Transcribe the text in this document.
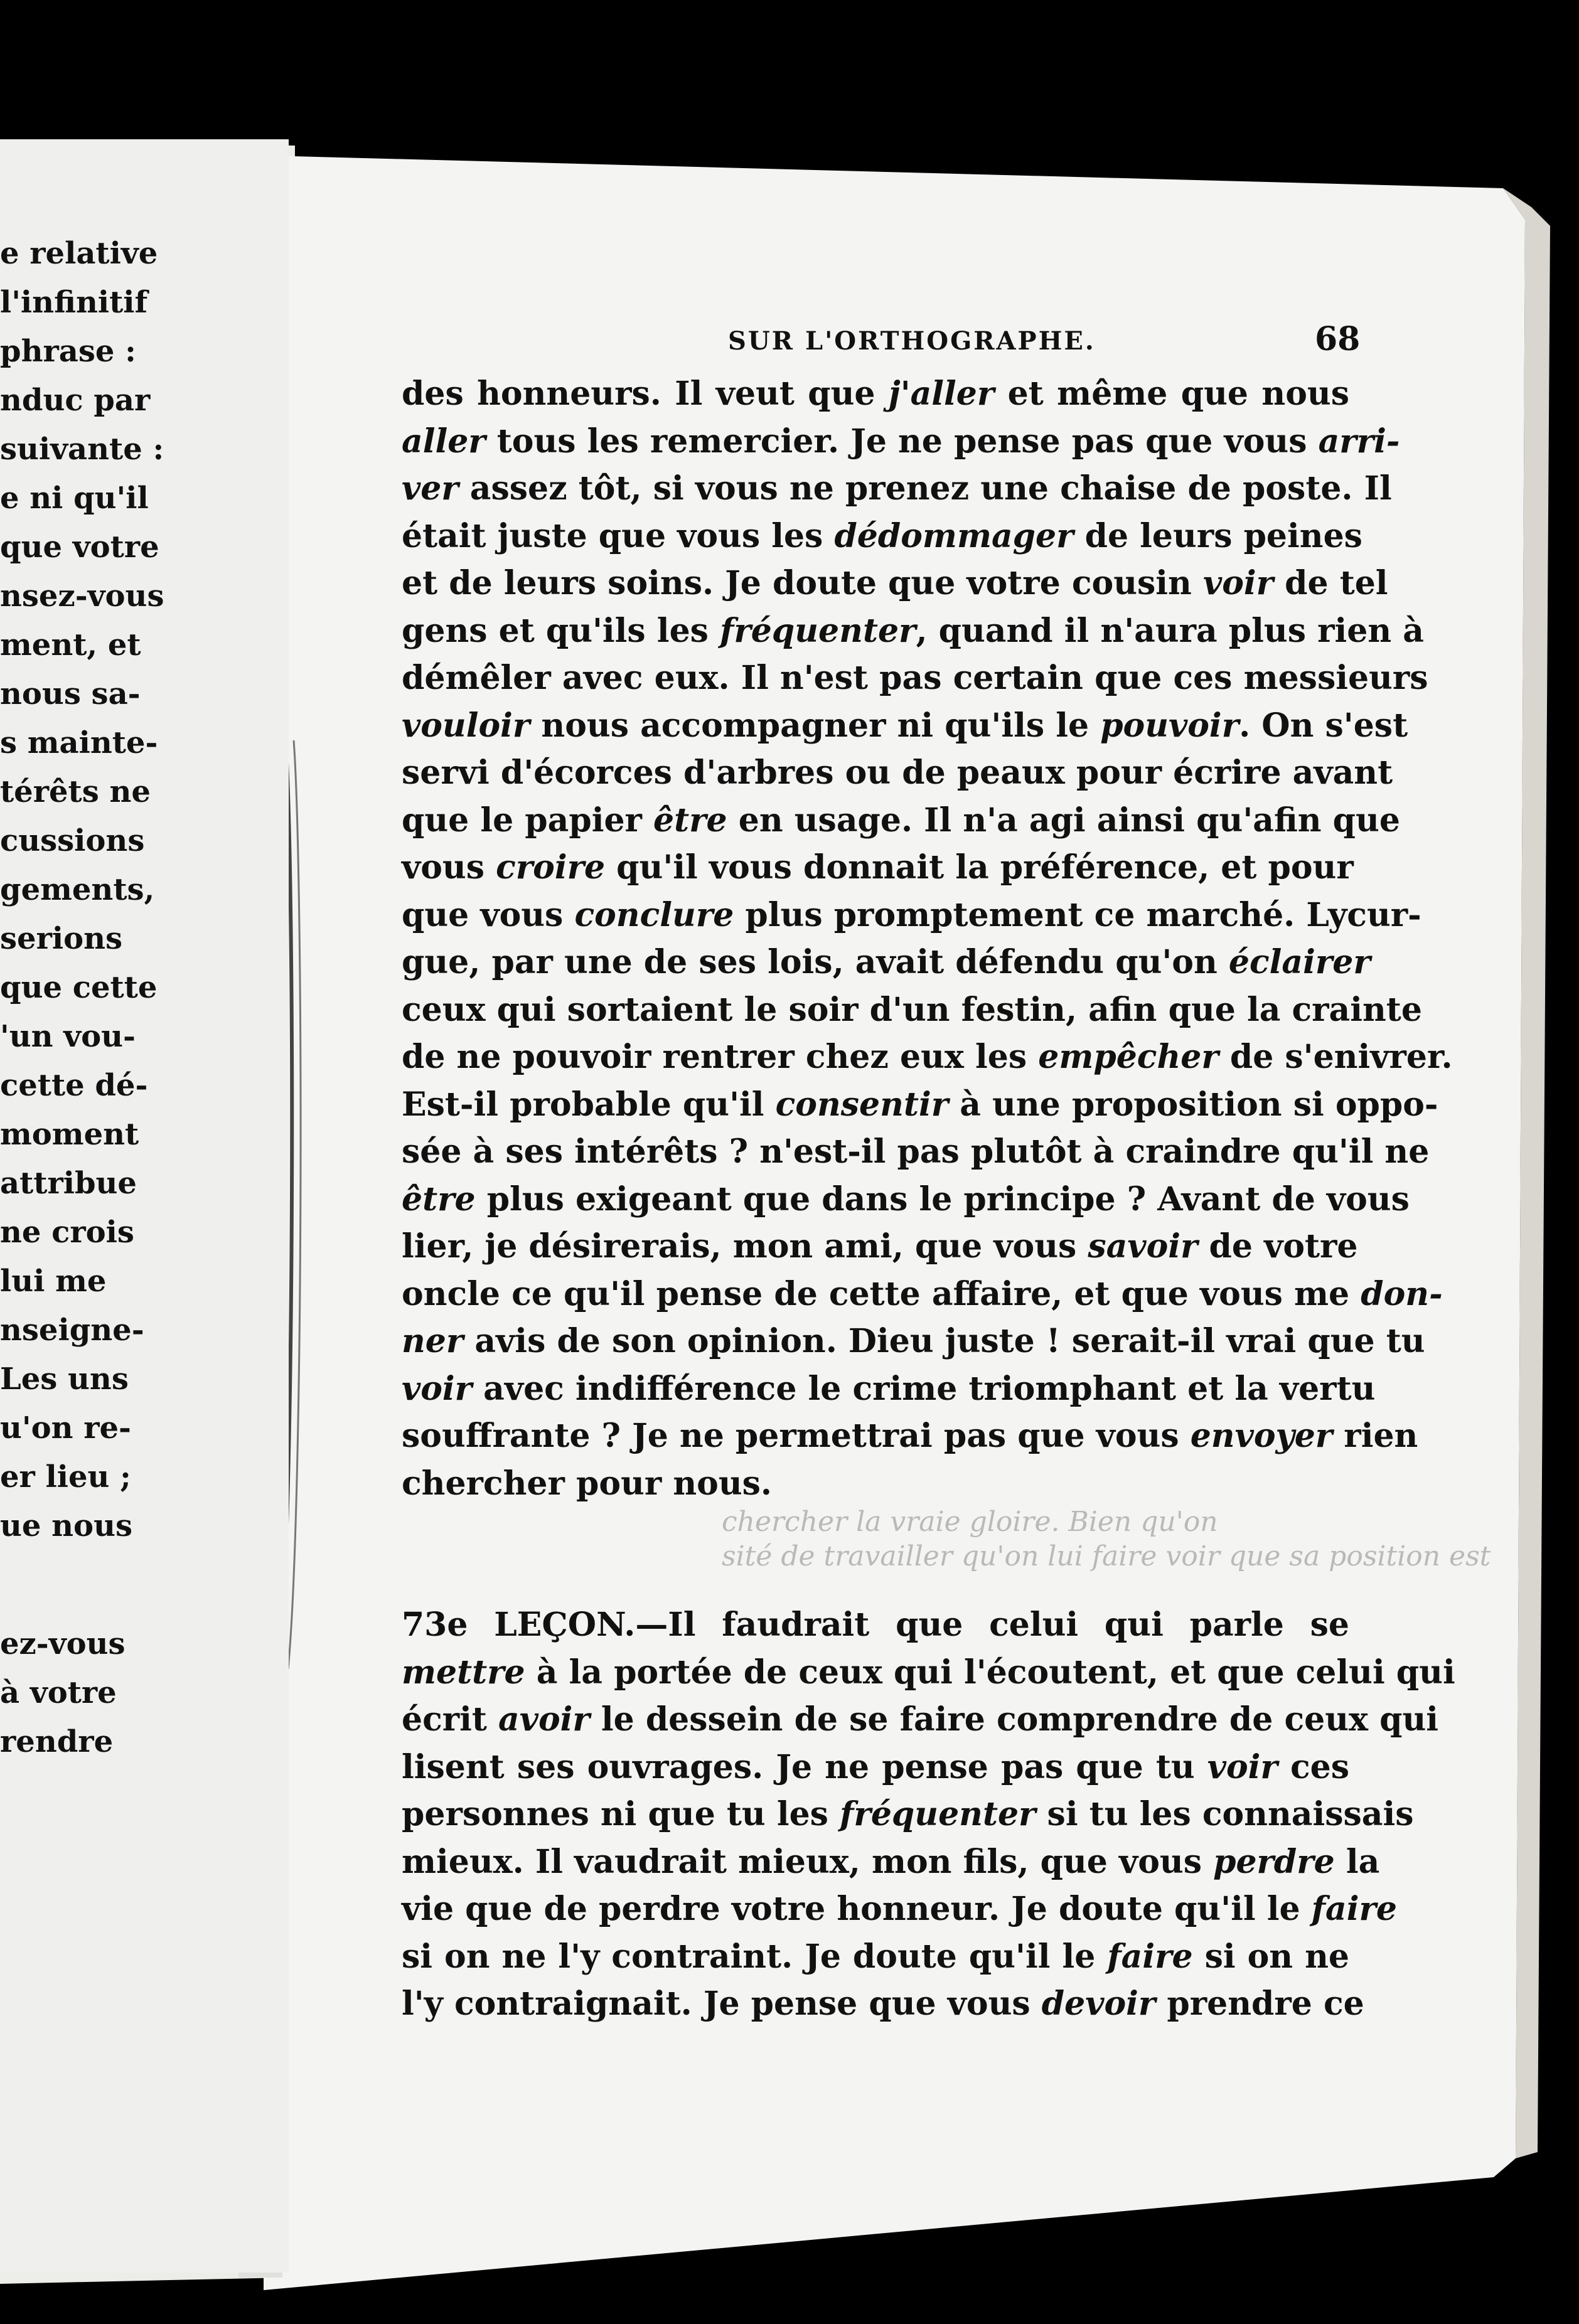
e relative
l'infinitif
phrase :
nduc par
suivante :
e ni qu'il
que votre
nsez-vous
ment, et
nous sa-
s mainte-
térêts ne
cussions
gements,
serions
que cette
'un vou-
cette dé-
moment
attribue
ne crois
lui me
nseigne-
Les uns
u'on re-
er lieu ;
ue nous
ez-vous
à votre
rendre
SUR L'ORTHOGRAPHE.	68
chercher la vraie gloire. Bien qu'on
sité de travailler qu'on lui faire voir que sa position est
des honneurs. Il veut que j'aller et même que nous
aller tous les remercier. Je ne pense pas que vous arri-
ver assez tôt, si vous ne prenez une chaise de poste. Il
était juste que vous les dédommager de leurs peines
et de leurs soins. Je doute que votre cousin voir de tel
gens et qu'ils les fréquenter, quand il n'aura plus rien à
démêler avec eux. Il n'est pas certain que ces messieurs
vouloir nous accompagner ni qu'ils le pouvoir. On s'est
servi d'écorces d'arbres ou de peaux pour écrire avant
que le papier être en usage. Il n'a agi ainsi qu'afin que
vous croire qu'il vous donnait la préférence, et pour
que vous conclure plus promptement ce marché. Lycur-
gue, par une de ses lois, avait défendu qu'on éclairer
ceux qui sortaient le soir d'un festin, afin que la crainte
de ne pouvoir rentrer chez eux les empêcher de s'enivrer.
Est-il probable qu'il consentir à une proposition si oppo-
sée à ses intérêts ? n'est-il pas plutôt à craindre qu'il ne
être plus exigeant que dans le principe ? Avant de vous
lier, je désirerais, mon ami, que vous savoir de votre
oncle ce qu'il pense de cette affaire, et que vous me don-
ner avis de son opinion. Dieu juste ! serait-il vrai que tu
voir avec indifférence le crime triomphant et la vertu
souffrante ? Je ne permettrai pas que vous envoyer rien
chercher pour nous.
73e LEÇON.—Il faudrait que celui qui parle se
mettre à la portée de ceux qui l'écoutent, et que celui qui
écrit avoir le dessein de se faire comprendre de ceux qui
lisent ses ouvrages. Je ne pense pas que tu voir ces
personnes ni que tu les fréquenter si tu les connaissais
mieux. Il vaudrait mieux, mon fils, que vous perdre la
vie que de perdre votre honneur. Je doute qu'il le faire
si on ne l'y contraint. Je doute qu'il le faire si on ne
l'y contraignait. Je pense que vous devoir prendre ce
